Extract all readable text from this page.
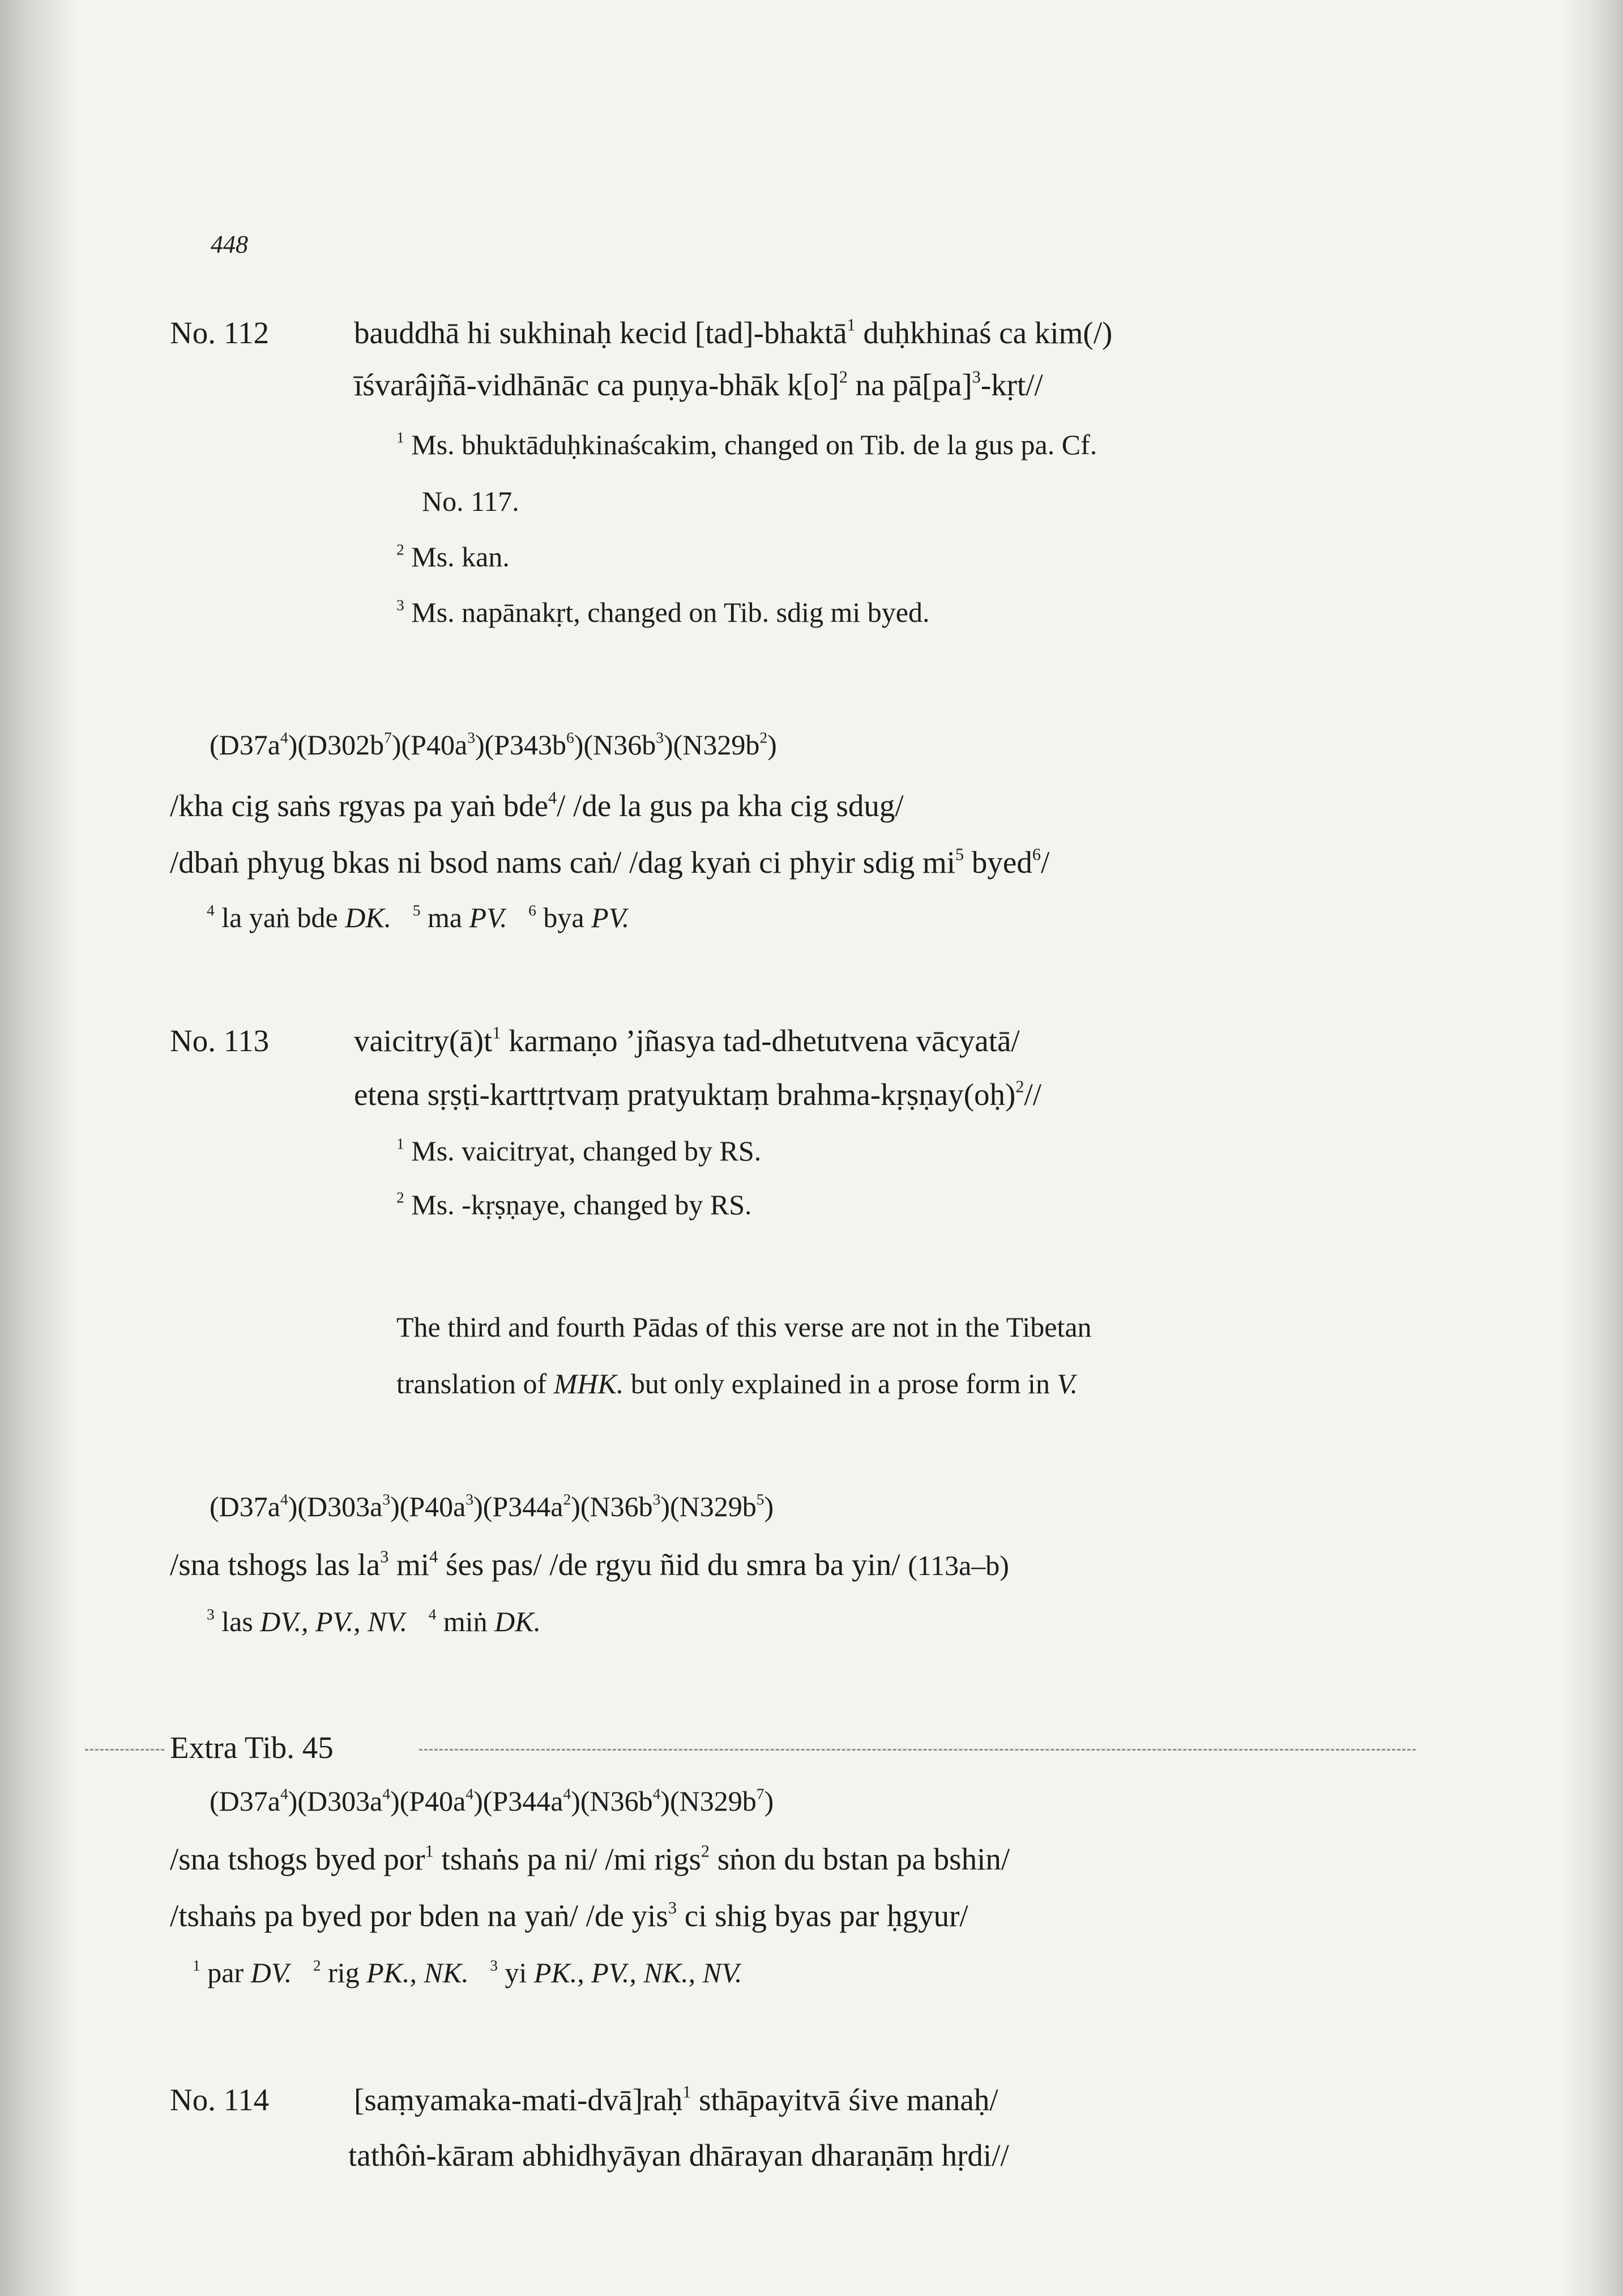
448
No. 112	bauddhā hi sukhinaḥ kecid [tad]-bhaktā$^1$ duḥkhinaś ca kim(/)
īśvarâjñā-vidhānāc ca puṇya-bhāk $k[o]^2$ na pā[pa]$^3$-kṛt//
$^1$ Ms. bhuktāduḥkinaścakim, changed on Tib. de la gus pa. Cf.
No. 117.
$^2$ Ms. kan.
$^3$ Ms. napānakṛt, changed on Tib. sdig mi byed.
$(D37a^4)(D302b^7)(P40a^3)(P343b^6)(N36b^3)(N329b^2)$
/kha cig saṅs rgyas pa yaṅ bde$^4$/ /de la gus pa kha cig sdug/
/dbaṅ phyug bkas ni bsod nams caṅ/ /dag kyaṅ ci phyir sdig $mi^5$ byed$^6$/
$^4$ la yaṅ bde DK. $^5$ ma PV. $^6$ bya PV.
No. 113	$vaicitry(ā)t^1$ karmaṇo ’jñasya tad-dhetutvena vācyatā/
etena sṛṣṭi-karttṛtvaṃ pratyuktaṃ brahma-kṛṣṇay(oḥ)$^2$//
$^1$ Ms. vaicitryat, changed by RS.
$^2$ Ms. -kṛṣṇaye, changed by RS.
The third and fourth Pādas of this verse are not in the Tibetan
translation of MHK. but only explained in a prose form in V.
$(D37a^4)(D303a^3)(P40a^3)(P344a^2)(N36b^3)(N329b^5)$
/sna tshogs las $la^3$ $mi^4$ śes pas/ /de rgyu ñid du smra ba yin/ (113a–b)
$^3$ las DV., PV., NV. $^4$ miṅ DK.
Extra Tib. 45
$(D37a^4)(D303a^4)(P40a^4)(P344a^4)(N36b^4)(N329b^7)$
/sna tshogs byed por$^1$ tshaṅs pa ni/ /mi rigs$^2$ sṅon du bstan pa bshin/
/tshaṅs pa byed por bden na yaṅ/ /de yis$^3$ ci shig byas par ḥgyur/
$^1$ par DV. $^2$ rig PK., NK. $^3$ yi PK., PV., NK., NV.
No. 114	[saṃyamaka-mati-dvā]raḥ$^1$ sthāpayitvā śive manaḥ/
tathôṅ-kāram abhidhyāyan dhārayan dharaṇāṃ hṛdi//
